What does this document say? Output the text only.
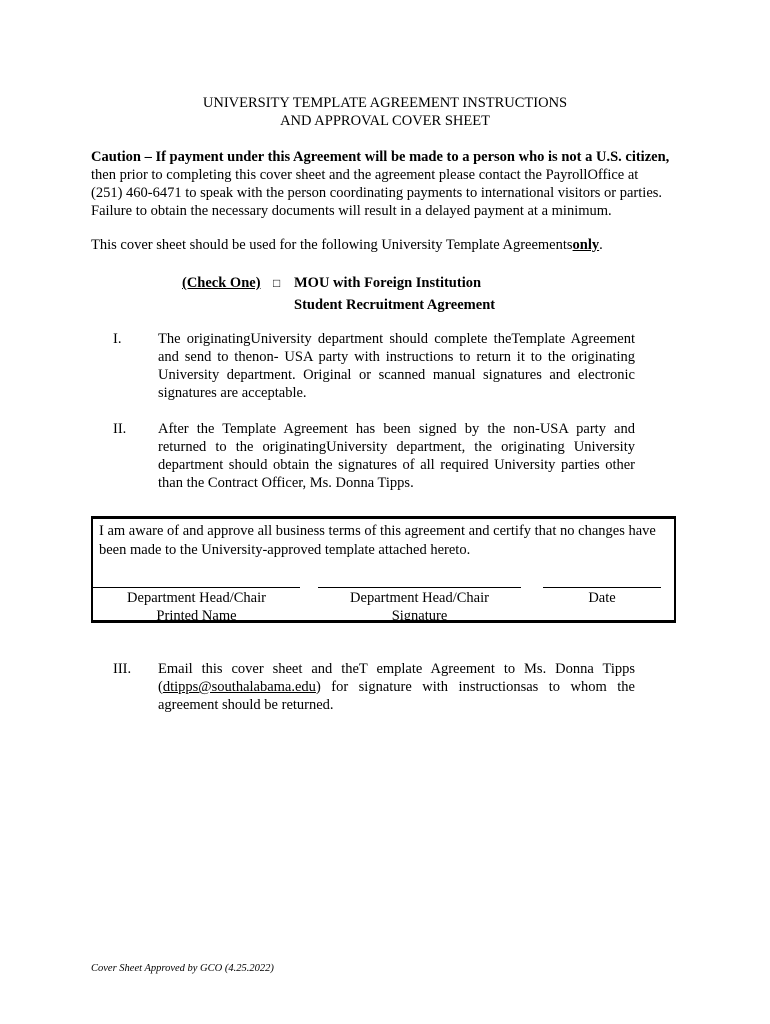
UNIVERSITY TEMPLATE AGREEMENT INSTRUCTIONS
AND APPROVAL COVER SHEET
Caution – If payment under this Agreement will be made to a person who is not a U.S. citizen,
then prior to completing this cover sheet and the agreement please contact the PayrollOffice at
(251) 460-6471 to speak with the person coordinating payments to international visitors or parties.
Failure to obtain the necessary documents will result in a delayed payment at a minimum.
This cover sheet should be used for the following University Template Agreementsonly.
(Check One) □ MOU with Foreign Institution
Student Recruitment Agreement
I.	The originatingUniversity department should complete theTemplate Agreement and send to thenon- USA party with instructions to return it to the originating University department. Original or scanned manual signatures and electronic signatures are acceptable.
II. After the Template Agreement has been signed by the non-USA party and returned to the originatingUniversity department, the originating University department should obtain the signatures of all required University parties other than the Contract Officer, Ms. Donna Tipps.
I am aware of and approve all business terms of this agreement and certify that no changes have been made to the University-approved template attached hereto.
Department Head/Chair
Printed Name
Department Head/Chair
Signature
Date
III. Email this cover sheet and theT emplate Agreement to Ms. Donna Tipps (dtipps@southalabama.edu) for signature with instructionsas to whom the agreement should be returned.
Cover Sheet Approved by GCO (4.25.2022)
